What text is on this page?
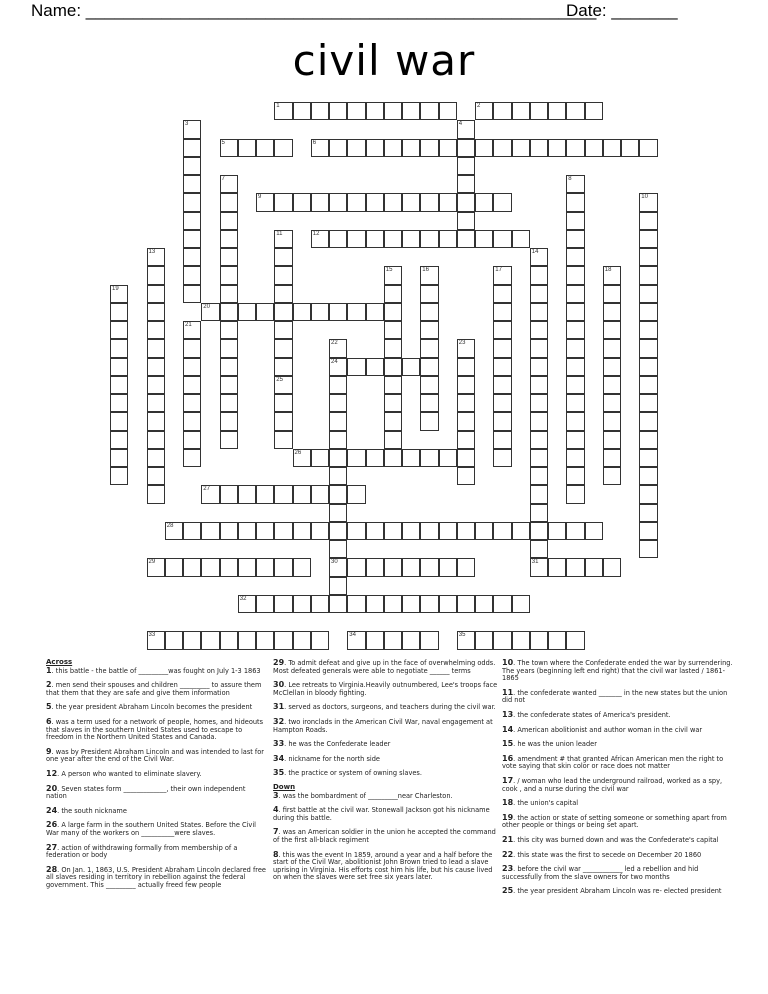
Name: ______________________________________________________
Date: _______
civil war
1	2
3	4
5	6
7	8
9	10
11
25
12
13	14
15	16	17	18
19
20
21
22
24
30
23
26
27
28
29	31
32
33	34	35
Across
1. this battle - the battle of _________was fought on July 1-3 1863
2. men send their spouses and children _________ to assure them that them that they are safe and give them information
5. the year president Abraham Lincoln becomes the president
6. was a term used for a network of people, homes, and hideouts that slaves in the southern United States used to escape to freedom in the Northern United States and Canada.
9. was by President Abraham Lincoln and was intended to last for one year after the end of the Civil War.
12. A person who wanted to eliminate slavery.
20. Seven states form _____________, their own independent nation
24. the south nickname
26. A large farm in the southern United States. Before the Civil War many of the workers on __________were slaves.
27. action of withdrawing formally from membership of a federation or body
28. On Jan. 1, 1863, U.S. President Abraham Lincoln declared free all slaves residing in territory in rebellion against the federal government. This _________ actually freed few people
29. To admit defeat and give up in the face of overwhelming odds. Most defeated generals were able to negotiate ______ terms
30. Lee retreats to Virginia.Heavily outnumbered, Lee's troops face McClellan in bloody fighting.
31. served as doctors, surgeons, and teachers during the civil war.
32. two ironclads in the American Civil War, naval engagement at Hampton Roads.
33. he was the Confederate leader
34. nickname for the north side
35. the practice or system of owning slaves.
Down
3. was the bombardment of _________near Charleston.
4. first battle at the civil war. Stonewall Jackson got his nickname during this battle.
7. was an American soldier in the union he accepted the command of the first all-black regiment
8. this was the event In 1859, around a year and a half before the start of the Civil War, abolitionist John Brown tried to lead a slave uprising in Virginia. His efforts cost him his life, but his cause lived on when the slaves were set free six years later.
10. The town where the Confederate ended the war by surrendering. The years (beginning left end right) that the civil war lasted / 1861-1865
11. the confederate wanted _______ in the new states but the union did not
13. the confederate states of America's president.
14. American abolitionist and author woman in the civil war
15. he was the union leader
16. amendment # that granted African American men the right to vote saying that skin color or race does not matter
17. / woman who lead the underground railroad, worked as a spy, cook , and a nurse during the civil war
18. the union's capital
19. the action or state of setting someone or something apart from other people or things or being set apart.
21. this city was burned down and was the Confederate's capital
22. this state was the first to secede on December 20 1860
23. before the civil war ____________ led a rebellion and hid successfully from the slave owners for two months
25. the year president Abraham Lincoln was re- elected president
